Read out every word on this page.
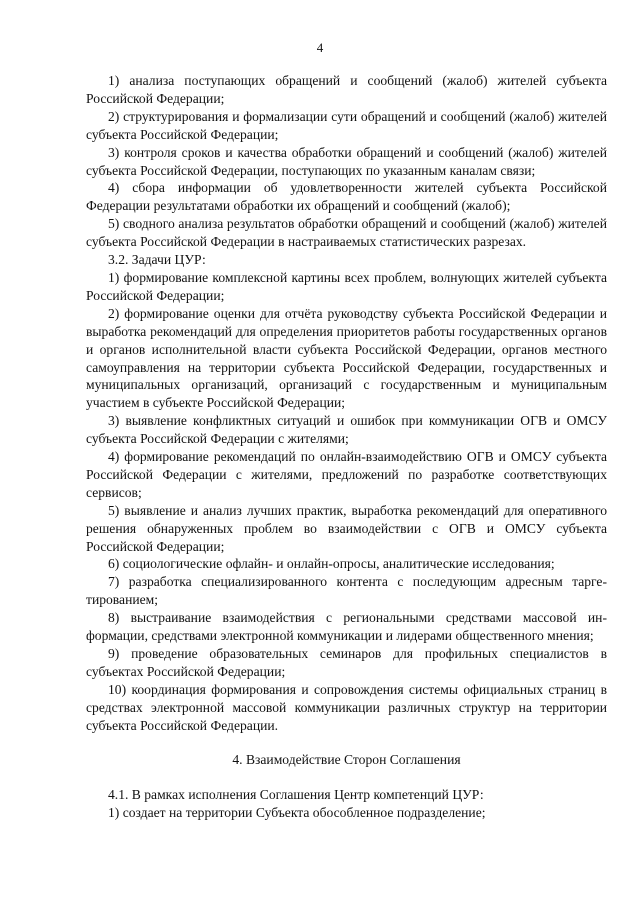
4

1) анализа поступающих обращений и сообщений (жалоб) жителей субъекта Российской Федерации;

2) структурирования и формализации сути обращений и сообщений (жалоб) жителей субъекта Российской Федерации;

3) контроля сроков и качества обработки обращений и сообщений (жалоб) жителей субъекта Российской Федерации, поступающих по указанным каналам связи;

4) сбора информации об удовлетворенности жителей субъекта Российской Федерации результатами обработки их обращений и сообщений (жалоб);

5) сводного анализа результатов обработки обращений и сообщений (жалоб) жителей субъекта Российской Федерации в настраиваемых статистических разрезах.

3.2. Задачи ЦУР:

1) формирование комплексной картины всех проблем, волнующих жителей субъекта Российской Федерации;

2) формирование оценки для отчёта руководству субъекта Российской Федерации и выработка рекомендаций для определения приоритетов работы государственных органов и органов исполнительной власти субъекта Российской Федерации, органов местного самоуправления на территории субъекта Российской Федерации, государственных и муниципальных организаций, организаций с государственным и муниципальным участием в субъекте Российской Федерации;

3) выявление конфликтных ситуаций и ошибок при коммуникации ОГВ и ОМСУ субъекта Российской Федерации с жителями;

4) формирование рекомендаций по онлайн-взаимодействию ОГВ и ОМСУ субъекта Российской Федерации с жителями, предложений по разработке соответствующих сервисов;

5) выявление и анализ лучших практик, выработка рекомендаций для оперативного решения обнаруженных проблем во взаимодействии с ОГВ и ОМСУ субъекта Российской Федерации;

6) социологические офлайн- и онлайн-опросы, аналитические исследования;

7) разработка специализированного контента с последующим адресным таргетированием;

8) выстраивание взаимодействия с региональными средствами массовой информации, средствами электронной коммуникации и лидерами общественного мнения;

9) проведение образовательных семинаров для профильных специалистов в субъектах Российской Федерации;

10) координация формирования и сопровождения системы официальных страниц в средствах электронной массовой коммуникации различных структур на территории субъекта Российской Федерации.

4. Взаимодействие Сторон Соглашения

4.1. В рамках исполнения Соглашения Центр компетенций ЦУР:

1) создает на территории Субъекта обособленное подразделение;
